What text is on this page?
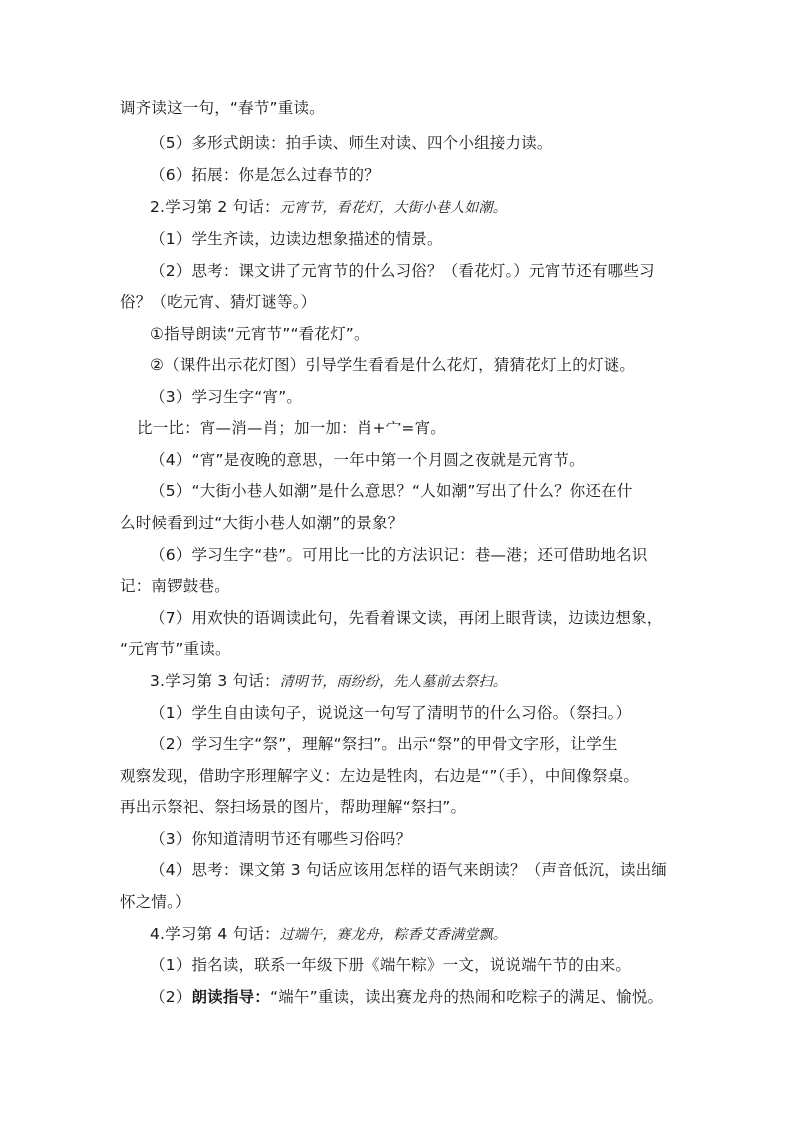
调齐读这一句，“春节”重读。
（5）多形式朗读：拍手读、师生对读、四个小组接力读。
（6）拓展：你是怎么过春节的？
2.学习第 2 句话：元宵节，看花灯，大街小巷人如潮。
（1）学生齐读，边读边想象描述的情景。
（2）思考：课文讲了元宵节的什么习俗？（看花灯。）元宵节还有哪些习
俗？（吃元宵、猜灯谜等。）
①指导朗读“元宵节”“看花灯”。
②（课件出示花灯图）引导学生看看是什么花灯，猜猜花灯上的灯谜。
（3）学习生字“宵”。
比一比：宵—消—肖；加一加：肖+宀=宵。
（4）“宵”是夜晚的意思，一年中第一个月圆之夜就是元宵节。
（5）“大街小巷人如潮”是什么意思？“人如潮”写出了什么？你还在什
么时候看到过“大街小巷人如潮”的景象？
（6）学习生字“巷”。可用比一比的方法识记：巷—港；还可借助地名识
记：南锣鼓巷。
（7）用欢快的语调读此句，先看着课文读，再闭上眼背读，边读边想象，
“元宵节”重读。
3.学习第 3 句话：清明节，雨纷纷，先人墓前去祭扫。
（1）学生自由读句子，说说这一句写了清明节的什么习俗。（祭扫。）
（2）学习生字“祭”，理解“祭扫”。出示“祭”的甲骨文字形，让学生
观察发现，借助字形理解字义：左边是牲肉，右边是“”（手），中间像祭桌。
再出示祭祀、祭扫场景的图片，帮助理解“祭扫”。
（3）你知道清明节还有哪些习俗吗？
（4）思考：课文第 3 句话应该用怎样的语气来朗读？（声音低沉，读出缅
怀之情。）
4.学习第 4 句话：过端午，赛龙舟，粽香艾香满堂飘。
（1）指名读，联系一年级下册《端午粽》一文，说说端午节的由来。
（2）朗读指导：“端午”重读，读出赛龙舟的热闹和吃粽子的满足、愉悦。
